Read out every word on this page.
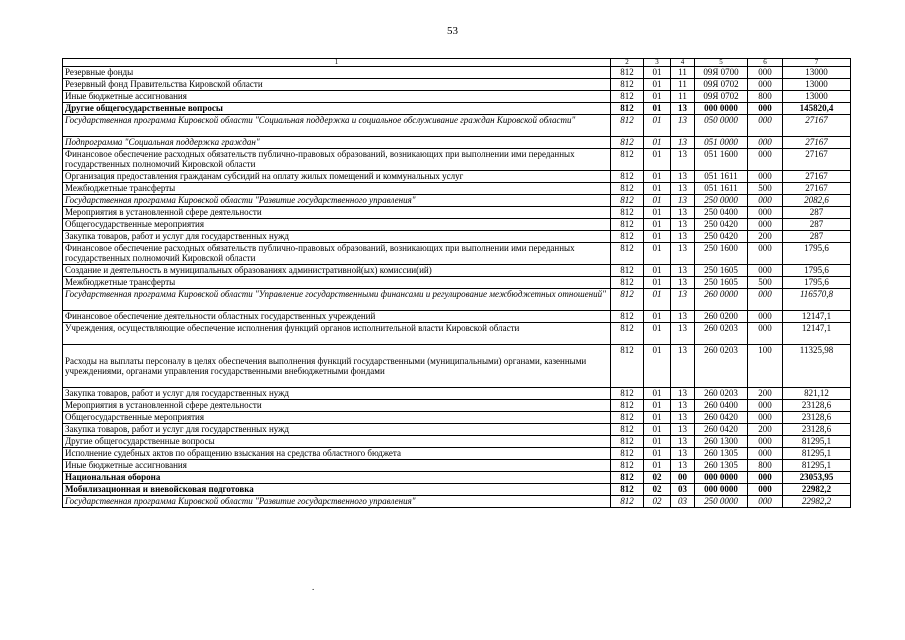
53
1	2	3	4	5	6	7
Резервные фонды	812	01	11	09Я 0700	000	13000
Резервный фонд Правительства Кировской области	812	01	11	09Я 0702	000	13000
Иные бюджетные ассигнования	812	01	11	09Я 0702	800	13000
Другие общегосударственные вопросы	812	01	13	000 0000	000	145820,4
Государственная программа Кировской области "Социальная поддержка и социальное обслуживание граждан Кировской области"	812	01	13	050 0000	000	27167
Подпрограмма "Социальная поддержка граждан"	812	01	13	051 0000	000	27167
Финансовое обеспечение расходных обязательств публично-правовых образований, возникающих при выполнении ими переданных государственных полномочий Кировской области	812	01	13	051 1600	000	27167
Организация предоставления гражданам субсидий на оплату жилых помещений и коммунальных услуг	812	01	13	051 1611	000	27167
Межбюджетные трансферты	812	01	13	051 1611	500	27167
Государственная программа Кировской области "Развитие государственного управления"	812	01	13	250 0000	000	2082,6
Мероприятия в установленной сфере деятельности	812	01	13	250 0400	000	287
Общегосударственные мероприятия	812	01	13	250 0420	000	287
Закупка товаров, работ и услуг для государственных нужд	812	01	13	250 0420	200	287
Финансовое обеспечение расходных обязательств публично-правовых образований, возникающих при выполнении ими переданных государственных полномочий Кировской области	812	01	13	250 1600	000	1795,6
Создание и деятельность в муниципальных образованиях административной(ых) комиссии(ий)	812	01	13	250 1605	000	1795,6
Межбюджетные трансферты	812	01	13	250 1605	500	1795,6
Государственная программа Кировской области "Управление государственными финансами и регулирование межбюджетных отношений"	812	01	13	260 0000	000	116570,8
Финансовое обеспечение деятельности областных государственных учреждений	812	01	13	260 0200	000	12147,1
Учреждения, осуществляющие обеспечение исполнения функций органов исполнительной власти Кировской области	812	01	13	260 0203	000	12147,1
Расходы на выплаты персоналу в целях обеспечения выполнения функций государственными (муниципальными) органами, казенными учреждениями, органами управления государственными внебюджетными фондами	812	01	13	260 0203	100	11325,98
Закупка товаров, работ и услуг для государственных нужд	812	01	13	260 0203	200	821,12
Мероприятия в установленной сфере деятельности	812	01	13	260 0400	000	23128,6
Общегосударственные мероприятия	812	01	13	260 0420	000	23128,6
Закупка товаров, работ и услуг для государственных нужд	812	01	13	260 0420	200	23128,6
Другие общегосударственные вопросы	812	01	13	260 1300	000	81295,1
Исполнение судебных актов по обращению взыскания на средства областного бюджета	812	01	13	260 1305	000	81295,1
Иные бюджетные ассигнования	812	01	13	260 1305	800	81295,1
Национальная оборона	812	02	00	000 0000	000	23053,95
Мобилизационная и вневойсковая подготовка	812	02	03	000 0000	000	22982,2
Государственная программа Кировской области "Развитие государственного управления"	812	02	03	250 0000	000	22982,2
.
